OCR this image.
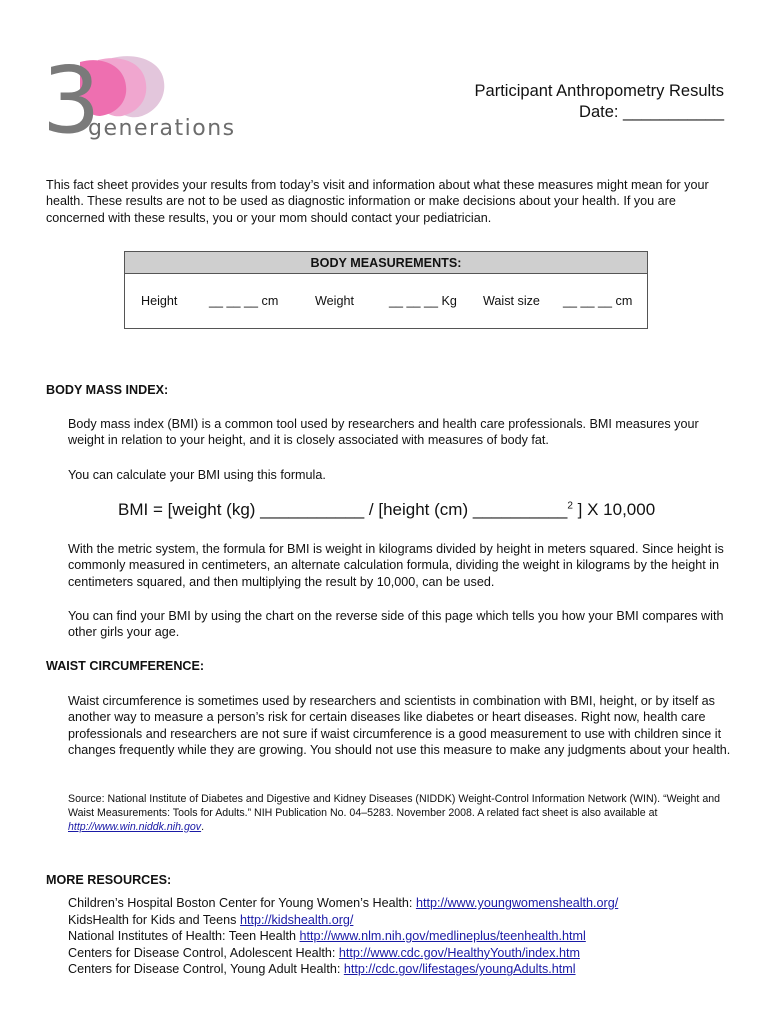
3
generations
Participant Anthropometry Results
Date: ___________
This fact sheet provides your results from today’s visit and information about what these measures might mean for your health. These results are not to be used as diagnostic information or make decisions about your health. If you are concerned with these results, you or your mom should contact your pediatrician.
BODY MEASUREMENTS:
Height	__ __ __ cm	Weight	__ __ __ Kg Waist size __ __ __ cm
BODY MASS INDEX:
Body mass index (BMI) is a common tool used by researchers and health care professionals. BMI measures your weight in relation to your height, and it is closely associated with measures of body fat.
You can calculate your BMI using this formula.
BMI = [weight (kg) ___________ / [height (cm) __________$^2$ ] X 10,000
With the metric system, the formula for BMI is weight in kilograms divided by height in meters squared. Since height is commonly measured in centimeters, an alternate calculation formula, dividing the weight in kilograms by the height in centimeters squared, and then multiplying the result by 10,000, can be used.
You can find your BMI by using the chart on the reverse side of this page which tells you how your BMI compares with other girls your age.
WAIST CIRCUMFERENCE:
Waist circumference is sometimes used by researchers and scientists in combination with BMI, height, or by itself as another way to measure a person’s risk for certain diseases like diabetes or heart diseases. Right now, health care professionals and researchers are not sure if waist circumference is a good measurement to use with children since it changes frequently while they are growing. You should not use this measure to make any judgments about your health.
Source: National Institute of Diabetes and Digestive and Kidney Diseases (NIDDK) Weight-Control Information Network (WIN). “Weight and Waist Measurements: Tools for Adults.” NIH Publication No. 04–5283. November 2008. A related fact sheet is also available at http://www.win.niddk.nih.gov.
MORE RESOURCES:
Children’s Hospital Boston Center for Young Women’s Health: http://www.youngwomenshealth.org/
KidsHealth for Kids and Teens http://kidshealth.org/
National Institutes of Health: Teen Health http://www.nlm.nih.gov/medlineplus/teenhealth.html
Centers for Disease Control, Adolescent Health: http://www.cdc.gov/HealthyYouth/index.htm
Centers for Disease Control, Young Adult Health: http://cdc.gov/lifestages/youngAdults.html
